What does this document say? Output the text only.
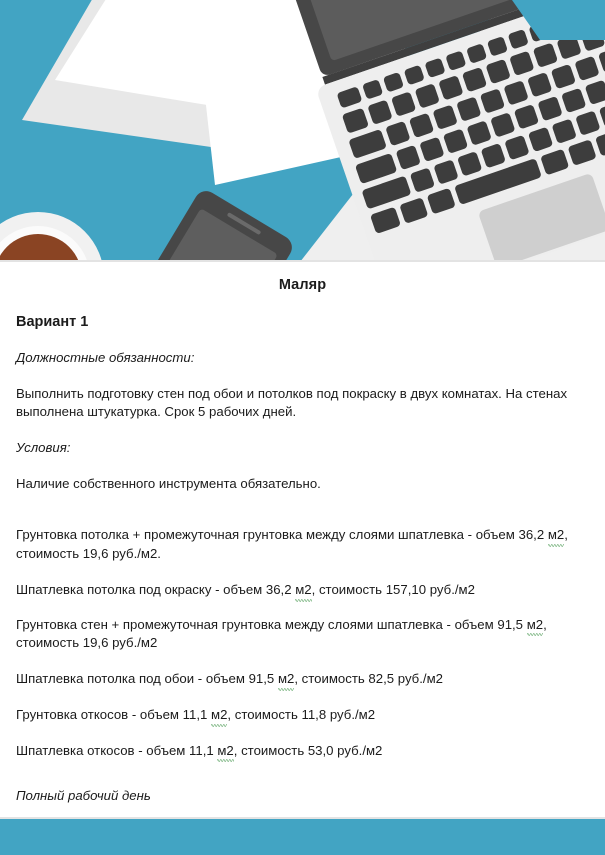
Маляр
Вариант 1

Должностные обязанности:

Выполнить подготовку стен под обои и потолков под покраску в двух комнатах. На стенах выполнена штукатурка. Срок 5 рабочих дней.

Условия:

Наличие собственного инструмента обязательно.

Грунтовка потолка + промежуточная грунтовка между слоями шпатлевка - объем 36,2 м2, стоимость 19,6 руб./м2.

Шпатлевка потолка под окраску - объем 36,2 м2, стоимость 157,10 руб./м2

Грунтовка стен + промежуточная грунтовка между слоями шпатлевка - объем 91,5 м2, стоимость 19,6 руб./м2

Шпатлевка потолка под обои - объем 91,5 м2, стоимость 82,5 руб./м2

Грунтовка откосов - объем 11,1 м2, стоимость 11,8 руб./м2

Шпатлевка откосов - объем 11,1 м2, стоимость 53,0 руб./м2

Полный рабочий день
